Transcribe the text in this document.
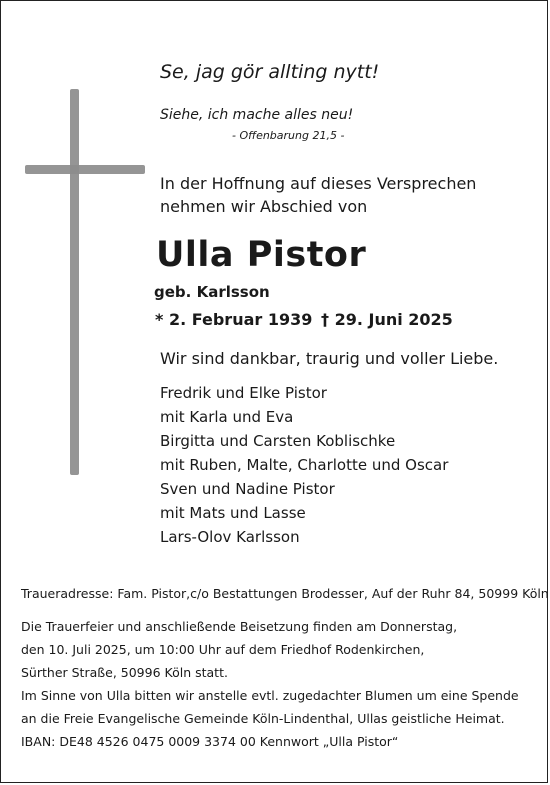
Se, jag gör allting nytt!
Siehe, ich mache alles neu!
- Offenbarung 21,5 -
In der Hoffnung auf dieses Versprechen
nehmen wir Abschied von
Ulla Pistor
geb. Karlsson
* 2. Februar 1939 † 29. Juni 2025
Wir sind dankbar, traurig und voller Liebe.
Fredrik und Elke Pistor
mit Karla und Eva
Birgitta und Carsten Koblischke
mit Ruben, Malte, Charlotte und Oscar
Sven und Nadine Pistor
mit Mats und Lasse
Lars-Olov Karlsson
Traueradresse: Fam. Pistor,c/o Bestattungen Brodesser, Auf der Ruhr 84, 50999 Köln
Die Trauerfeier und anschließende Beisetzung finden am Donnerstag,
den 10. Juli 2025, um 10:00 Uhr auf dem Friedhof Rodenkirchen,
Sürther Straße, 50996 Köln statt.
Im Sinne von Ulla bitten wir anstelle evtl. zugedachter Blumen um eine Spende
an die Freie Evangelische Gemeinde Köln-Lindenthal, Ullas geistliche Heimat.
IBAN: DE48 4526 0475 0009 3374 00 Kennwort „Ulla Pistor“
